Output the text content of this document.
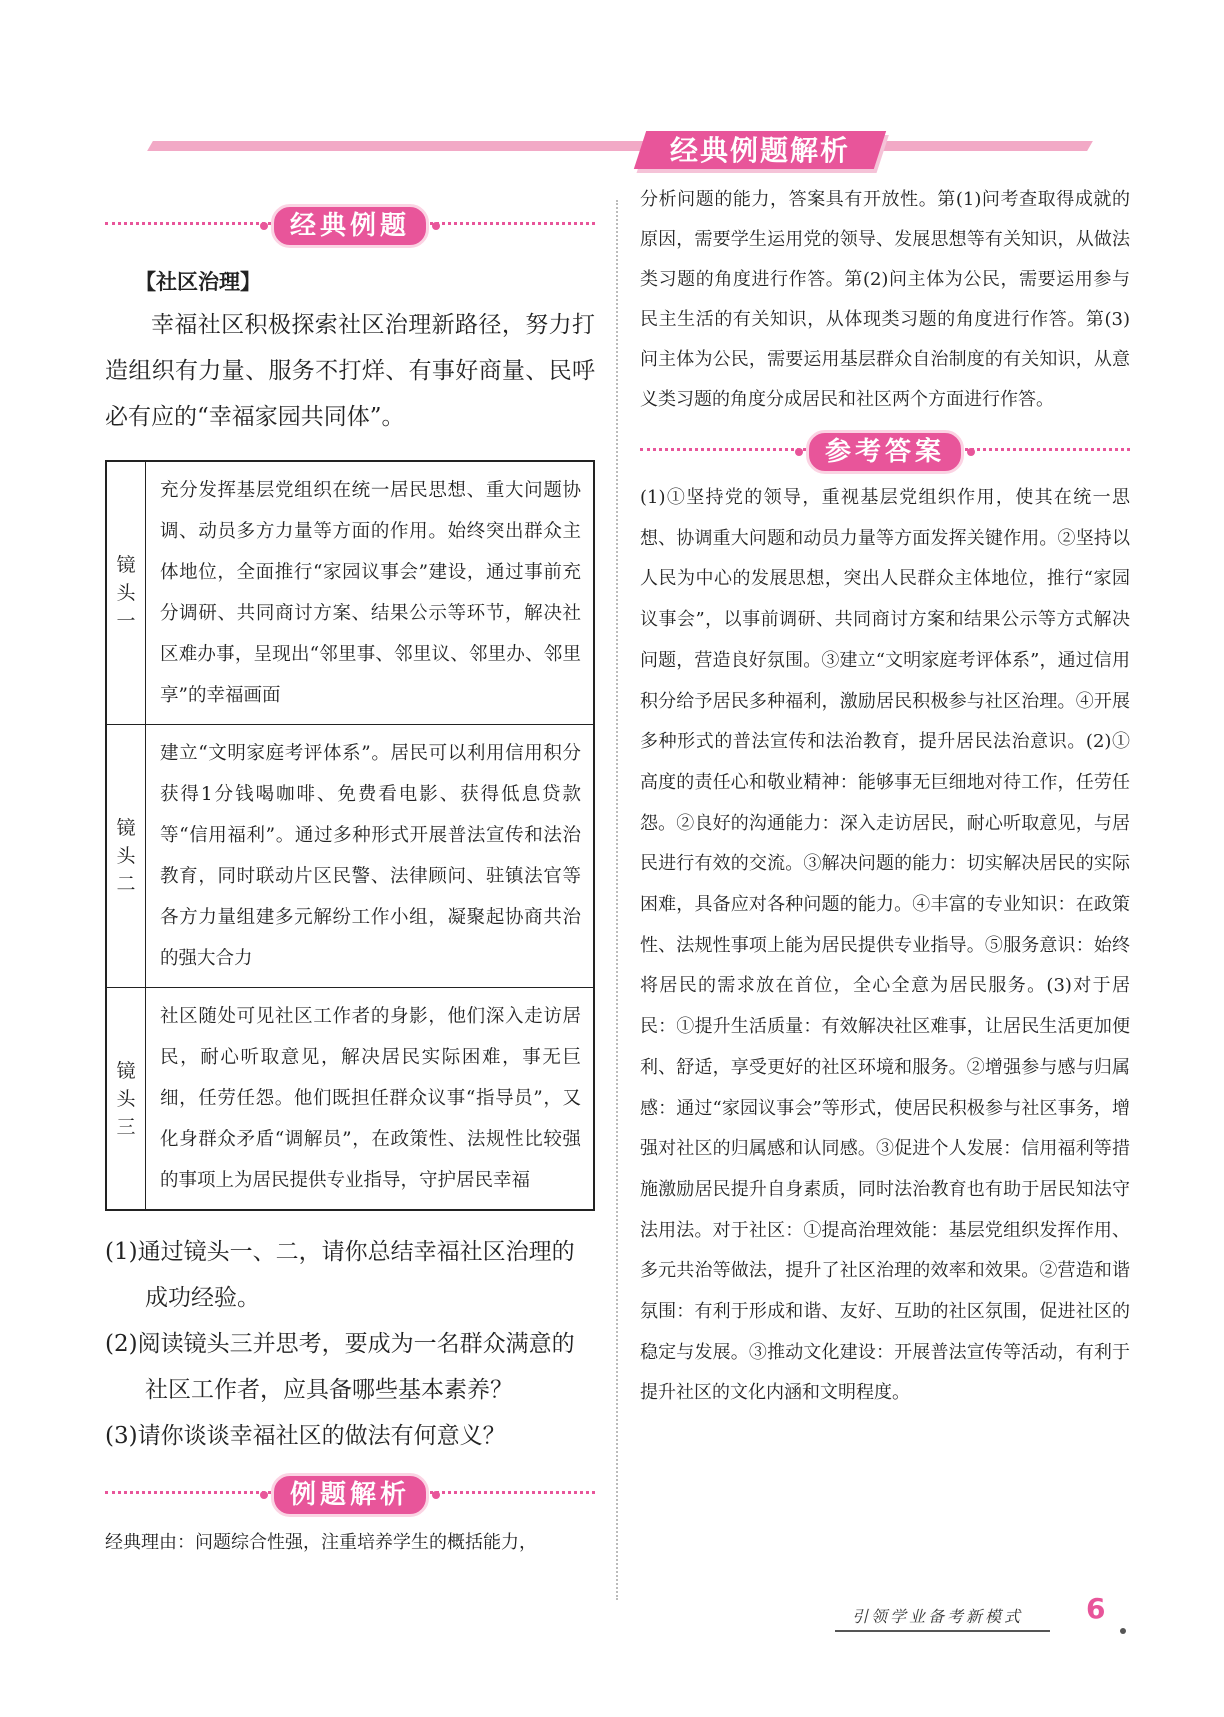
经典例题解析
经典例题
【社区治理】

幸福社区积极探索社区治理新路径，努力打造组织有力量、服务不打烊、有事好商量、民呼必有应的“幸福家园共同体”。

镜头一	充分发挥基层党组织在统一居民思想、重大问题协调、动员多方力量等方面的作用。始终突出群众主体地位，全面推行“家园议事会”建设，通过事前充分调研、共同商讨方案、结果公示等环节，解决社区难办事，呈现出“邻里事、邻里议、邻里办、邻里享”的幸福画面
镜头二	建立“文明家庭考评体系”。居民可以利用信用积分获得1分钱喝咖啡、免费看电影、获得低息贷款等“信用福利”。通过多种形式开展普法宣传和法治教育，同时联动片区民警、法律顾问、驻镇法官等各方力量组建多元解纷工作小组，凝聚起协商共治的强大合力
镜头三	社区随处可见社区工作者的身影，他们深入走访居民，耐心听取意见，解决居民实际困难，事无巨细，任劳任怨。他们既担任群众议事“指导员”，又化身群众矛盾“调解员”，在政策性、法规性比较强的事项上为居民提供专业指导，守护居民幸福

(1)通过镜头一、二，请你总结幸福社区治理的成功经验。

(2)阅读镜头三并思考，要成为一名群众满意的社区工作者，应具备哪些基本素养？

(3)请你谈谈幸福社区的做法有何意义？

例题解析

经典理由：问题综合性强，注重培养学生的概括能力，

分析问题的能力，答案具有开放性。第(1)问考查取得成就的原因，需要学生运用党的领导、发展思想等有关知识，从做法类习题的角度进行作答。第(2)问主体为公民，需要运用参与民主生活的有关知识，从体现类习题的角度进行作答。第(3)问主体为公民，需要运用基层群众自治制度的有关知识，从意义类习题的角度分成居民和社区两个方面进行作答。

参考答案

(1)①坚持党的领导，重视基层党组织作用，使其在统一思想、协调重大问题和动员力量等方面发挥关键作用。②坚持以人民为中心的发展思想，突出人民群众主体地位，推行“家园议事会”，以事前调研、共同商讨方案和结果公示等方式解决问题，营造良好氛围。③建立“文明家庭考评体系”，通过信用积分给予居民多种福利，激励居民积极参与社区治理。④开展多种形式的普法宣传和法治教育，提升居民法治意识。(2)①高度的责任心和敬业精神：能够事无巨细地对待工作，任劳任怨。②良好的沟通能力：深入走访居民，耐心听取意见，与居民进行有效的交流。③解决问题的能力：切实解决居民的实际困难，具备应对各种问题的能力。④丰富的专业知识：在政策性、法规性事项上能为居民提供专业指导。⑤服务意识：始终将居民的需求放在首位，全心全意为居民服务。(3)对于居民：①提升生活质量：有效解决社区难事，让居民生活更加便利、舒适，享受更好的社区环境和服务。②增强参与感与归属感：通过“家园议事会”等形式，使居民积极参与社区事务，增强对社区的归属感和认同感。③促进个人发展：信用福利等措施激励居民提升自身素质，同时法治教育也有助于居民知法守法用法。对于社区：①提高治理效能：基层党组织发挥作用、多元共治等做法，提升了社区治理的效率和效果。②营造和谐氛围：有利于形成和谐、友好、互助的社区氛围，促进社区的稳定与发展。③推动文化建设：开展普法宣传等活动，有利于提升社区的文化内涵和文明程度。

引领学业备考新模式 6
